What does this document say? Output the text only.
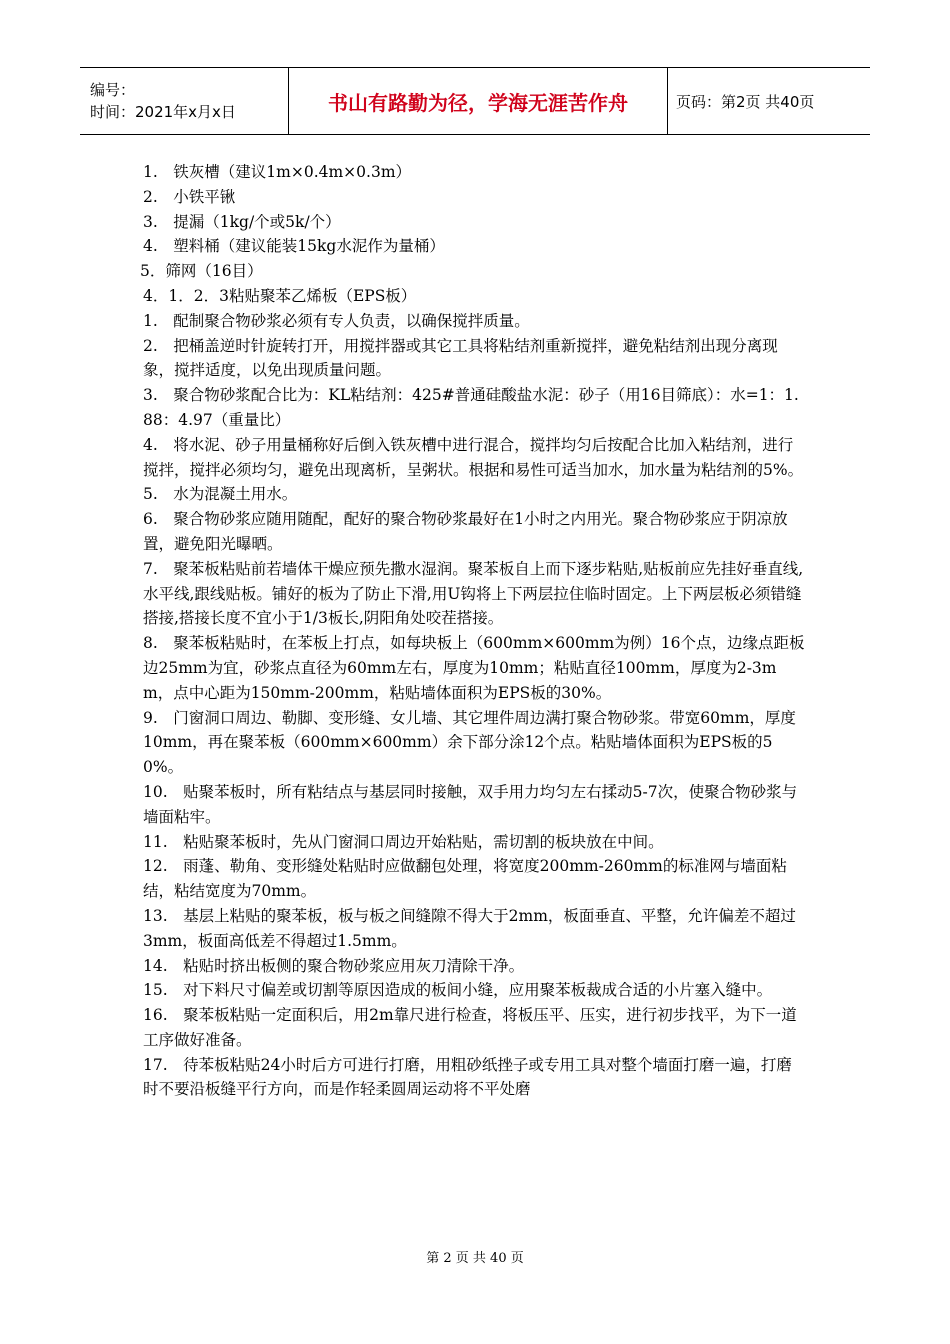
编号：
时间：2021年x月x日	书山有路勤为径，学海无涯苦作舟	页码：第2页 共40页

1.　铁灰槽（建议1m×0.4m×0.3m）

2.　小铁平锹

3.　提漏（1kg/个或5k/个）

4.　塑料桶（建议能装15kg水泥作为量桶）

5．筛网（16目）

4．1．2．3粘贴聚苯乙烯板（EPS板）

1.　配制聚合物砂浆必须有专人负责，以确保搅拌质量。

2.　把桶盖逆时针旋转打开，用搅拌器或其它工具将粘结剂重新搅拌，避免粘结剂出现分离现象，搅拌适度，以免出现质量问题。

3.　聚合物砂浆配合比为：KL粘结剂：425#普通硅酸盐水泥：砂子（用16目筛底）：水=1：1.88：4.97（重量比）

4.　将水泥、砂子用量桶称好后倒入铁灰槽中进行混合，搅拌均匀后按配合比加入粘结剂，进行搅拌，搅拌必须均匀，避免出现离析，呈粥状。根据和易性可适当加水，加水量为粘结剂的5%。

5.　水为混凝土用水。

6.　聚合物砂浆应随用随配，配好的聚合物砂浆最好在1小时之内用光。聚合物砂浆应于阴凉放置，避免阳光曝晒。

7.　聚苯板粘贴前若墙体干燥应预先撒水湿润。聚苯板自上而下逐步粘贴,贴板前应先挂好垂直线,水平线,跟线贴板。铺好的板为了防止下滑,用U钩将上下两层拉住临时固定。上下两层板必须错缝搭接,搭接长度不宜小于1/3板长,阴阳角处咬茬搭接。

8.　聚苯板粘贴时，在苯板上打点，如每块板上（600mm×600mm为例）16个点，边缘点距板边25mm为宜，砂浆点直径为60mm左右，厚度为10mm；粘贴直径100mm，厚度为2-3mm，点中心距为150mm-200mm，粘贴墙体面积为EPS板的30%。

9.　门窗洞口周边、勒脚、变形缝、女儿墙、其它埋件周边满打聚合物砂浆。带宽60mm，厚度10mm，再在聚苯板（600mm×600mm）余下部分涂12个点。粘贴墙体面积为EPS板的50%。

10.　贴聚苯板时，所有粘结点与基层同时接触，双手用力均匀左右揉动5-7次，使聚合物砂浆与墙面粘牢。

11.　粘贴聚苯板时，先从门窗洞口周边开始粘贴，需切割的板块放在中间。

12.　雨蓬、勒角、变形缝处粘贴时应做翻包处理，将宽度200mm-260mm的标准网与墙面粘结，粘结宽度为70mm。

13.　基层上粘贴的聚苯板，板与板之间缝隙不得大于2mm，板面垂直、平整，允许偏差不超过3mm，板面高低差不得超过1.5mm。

14.　粘贴时挤出板侧的聚合物砂浆应用灰刀清除干净。

15.　对下料尺寸偏差或切割等原因造成的板间小缝，应用聚苯板裁成合适的小片塞入缝中。

16.　聚苯板粘贴一定面积后，用2m靠尺进行检查，将板压平、压实，进行初步找平，为下一道工序做好准备。

17.　待苯板粘贴24小时后方可进行打磨，用粗砂纸挫子或专用工具对整个墙面打磨一遍，打磨时不要沿板缝平行方向，而是作轻柔圆周运动将不平处磨

第 2 页 共 40 页
